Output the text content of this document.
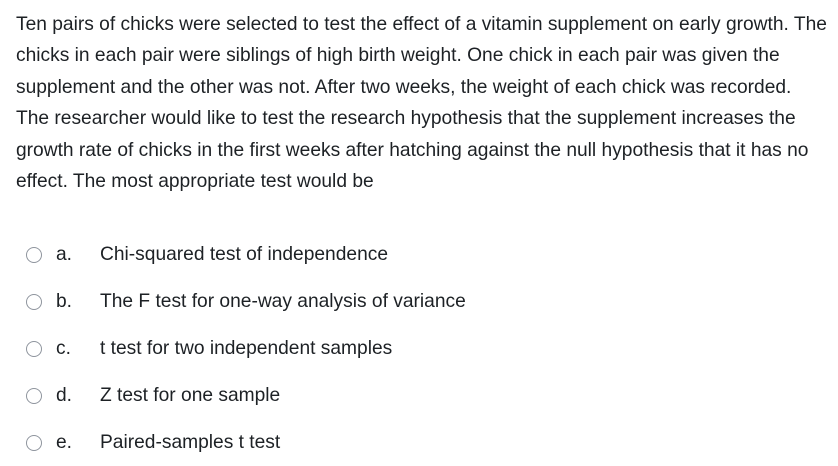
Ten pairs of chicks were selected to test the effect of a vitamin supplement on early growth. The chicks in each pair were siblings of high birth weight. One chick in each pair was given the supplement and the other was not. After two weeks, the weight of each chick was recorded. The researcher would like to test the research hypothesis that the supplement increases the growth rate of chicks in the first weeks after hatching against the null hypothesis that it has no effect. The most appropriate test would be

a.	Chi-squared test of independence
b.	The F test for one-way analysis of variance
c.	t test for two independent samples
d.	Z test for one sample
e.	Paired-samples t test
